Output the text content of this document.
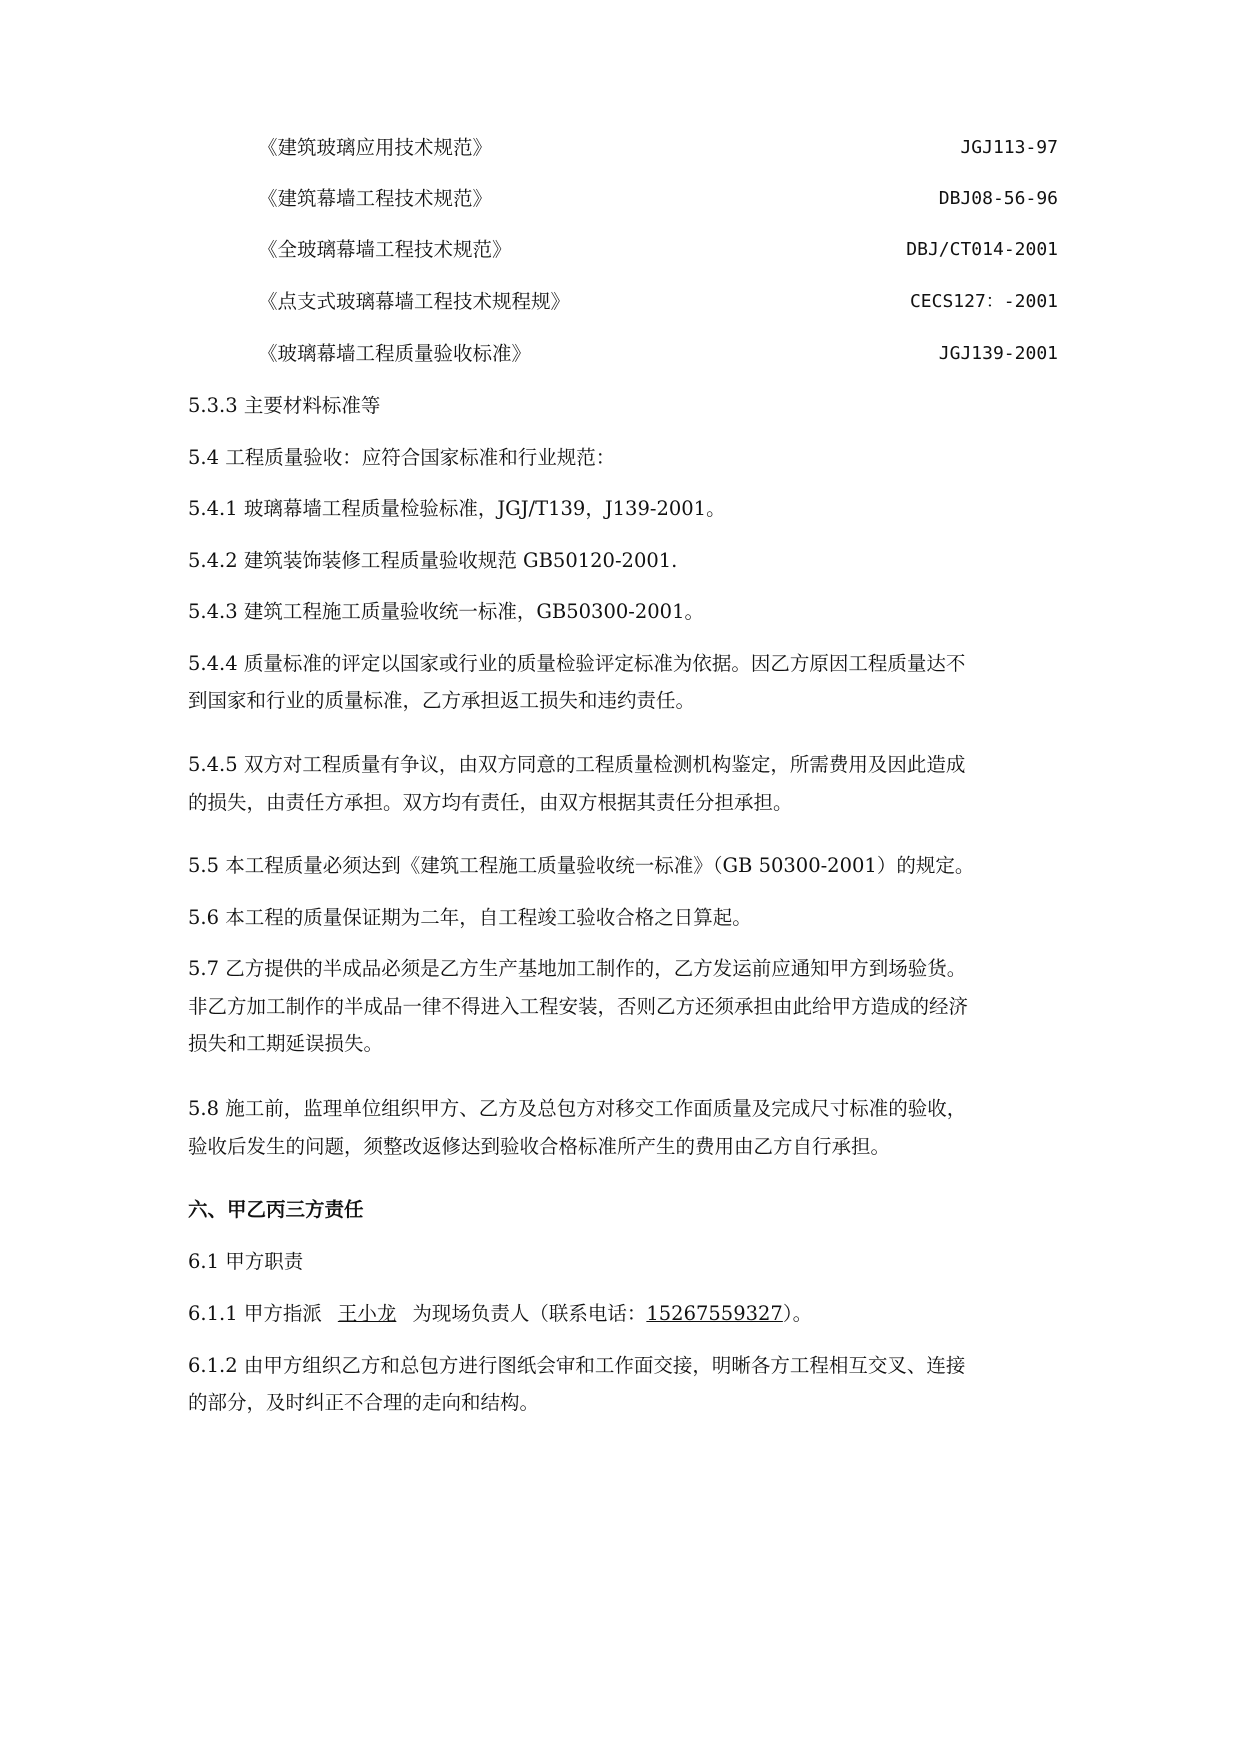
《建筑玻璃应用技术规范》	JGJ113-97
《建筑幕墙工程技术规范》	DBJ08-56-96
《全玻璃幕墙工程技术规范》	DBJ/CT014-2001
《点支式玻璃幕墙工程技术规程规》	CECS127：-2001
《玻璃幕墙工程质量验收标准》	JGJ139-2001
5.3.3 主要材料标准等
5.4 工程质量验收：应符合国家标准和行业规范：
5.4.1 玻璃幕墙工程质量检验标准，JGJ/T139，J139-2001。
5.4.2 建筑装饰装修工程质量验收规范 GB50120-2001.
5.4.3 建筑工程施工质量验收统一标准，GB50300-2001。
5.4.4 质量标准的评定以国家或行业的质量检验评定标准为依据。因乙方原因工程质量达不
到国家和行业的质量标准，乙方承担返工损失和违约责任。
5.4.5 双方对工程质量有争议，由双方同意的工程质量检测机构鉴定，所需费用及因此造成
的损失，由责任方承担。双方均有责任，由双方根据其责任分担承担。
5.5 本工程质量必须达到《建筑工程施工质量验收统一标准》（GB 50300-2001）的规定。
5.6 本工程的质量保证期为二年，自工程竣工验收合格之日算起。
5.7 乙方提供的半成品必须是乙方生产基地加工制作的，乙方发运前应通知甲方到场验货。
非乙方加工制作的半成品一律不得进入工程安装，否则乙方还须承担由此给甲方造成的经济
损失和工期延误损失。
5.8 施工前，监理单位组织甲方、乙方及总包方对移交工作面质量及完成尺寸标准的验收，
验收后发生的问题，须整改返修达到验收合格标准所产生的费用由乙方自行承担。
六、甲乙丙三方责任
6.1 甲方职责
6.1.1 甲方指派 王小龙 为现场负责人（联系电话：15267559327）。
6.1.2 由甲方组织乙方和总包方进行图纸会审和工作面交接，明晰各方工程相互交叉、连接
的部分，及时纠正不合理的走向和结构。
